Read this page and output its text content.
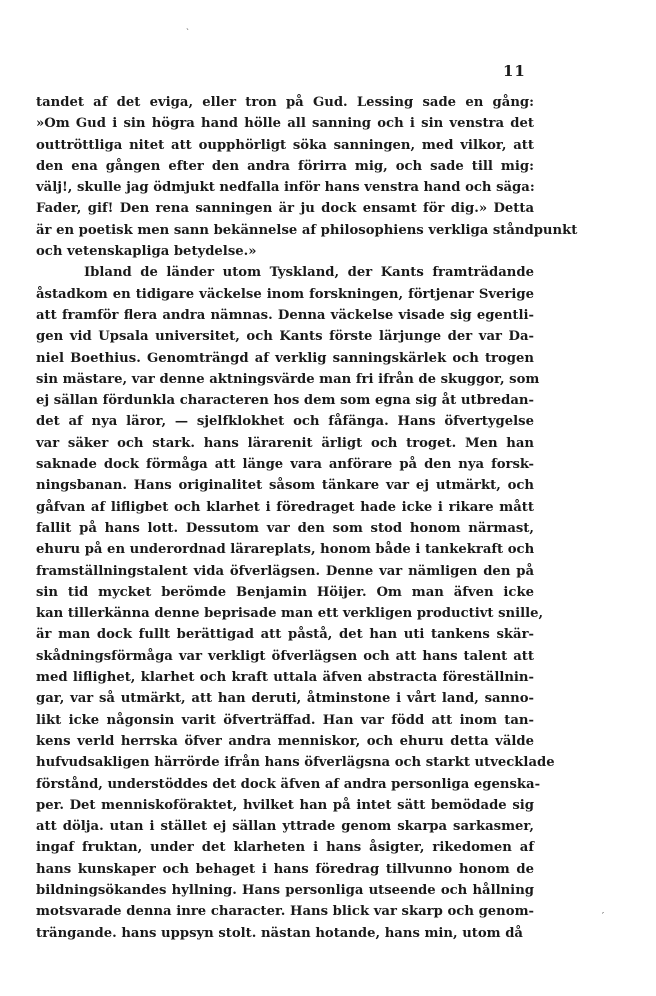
ˎ
11
tandet af det eviga, eller tron på Gud. Lessing sade en gång:
»Om Gud i sin högra hand hölle all sanning och i sin venstra det
outtröttliga nitet att oupphörligt söka sanningen, med vilkor, att
den ena gången efter den andra förirra mig, och sade till mig:
välj!, skulle jag ödmjukt nedfalla inför hans venstra hand och säga:
Fader, gif! Den rena sanningen är ju dock ensamt för dig.» Detta
är en poetisk men sann bekännelse af philosophiens verkliga ståndpunkt
och vetenskapliga betydelse.»
Ibland de länder utom Tyskland, der Kants framträdande
åstadkom en tidigare väckelse inom forskningen, förtjenar Sverige
att framför flera andra nämnas. Denna väckelse visade sig egentli-
gen vid Upsala universitet, och Kants förste lärjunge der var Da-
niel Boethius. Genomträngd af verklig sanningskärlek och trogen
sin mästare, var denne aktningsvärde man fri ifrån de skuggor, som
ej sällan fördunkla characteren hos dem som egna sig åt utbredan-
det af nya läror, — sjelfklokhet och fåfänga. Hans öfvertygelse
var säker och stark. hans lärarenit ärligt och troget. Men han
saknade dock förmåga att länge vara anförare på den nya forsk-
ningsbanan. Hans originalitet såsom tänkare var ej utmärkt, och
gåfvan af lifligbet och klarhet i föredraget hade icke i rikare mått
fallit på hans lott. Dessutom var den som stod honom närmast,
ehuru på en underordnad lärareplats, honom både i tankekraft och
framställningstalent vida öfverlägsen. Denne var nämligen den på
sin tid mycket berömde Benjamin Höijer. Om man äfven icke
kan tillerkänna denne beprisade man ett verkligen productivt snille,
är man dock fullt berättigad att påstå, det han uti tankens skär-
skådningsförmåga var verkligt öfverlägsen och att hans talent att
med liflighet, klarhet och kraft uttala äfven abstracta föreställnin-
gar, var så utmärkt, att han deruti, åtminstone i vårt land, sanno-
likt icke någonsin varit öfverträffad. Han var född att inom tan-
kens verld herrska öfver andra menniskor, och ehuru detta välde
hufvudsakligen härrörde ifrån hans öfverlägsna och starkt utvecklade
förstånd, understöddes det dock äfven af andra personliga egenska-
per. Det menniskoföraktet, hvilket han på intet sätt bemödade sig
att dölja. utan i stället ej sällan yttrade genom skarpa sarkasmer,
ingaf fruktan, under det klarheten i hans åsigter, rikedomen af
hans kunskaper och behaget i hans föredrag tillvunno honom de
bildningsökandes hyllning. Hans personliga utseende och hållning
motsvarade denna inre character. Hans blick var skarp och genom-
trängande. hans uppsyn stolt. nästan hotande, hans min, utom då
′
